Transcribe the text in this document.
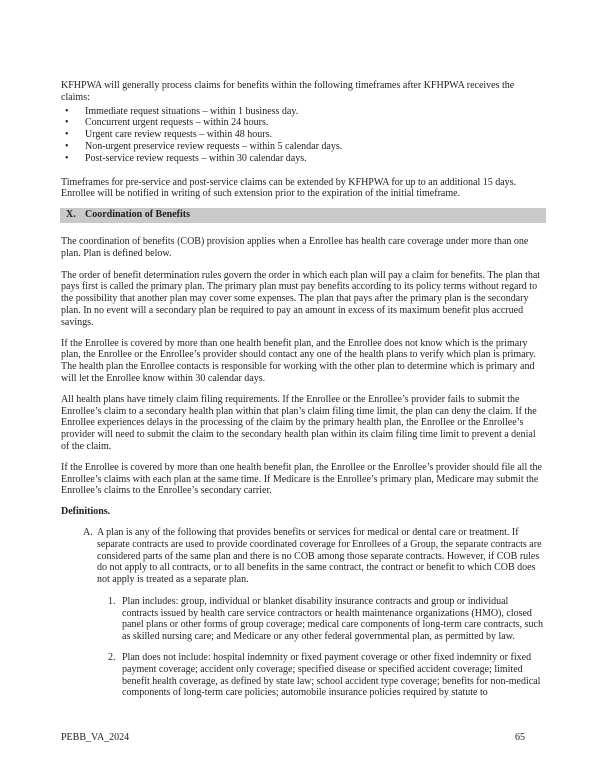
KFHPWA will generally process claims for benefits within the following timeframes after KFHPWA receives the claims:

•	Immediate request situations – within 1 business day.
•	Concurrent urgent requests – within 24 hours.
•	Urgent care review requests – within 48 hours.
•	Non-urgent preservice review requests – within 5 calendar days.
•	Post-service review requests – within 30 calendar days.

Timeframes for pre-service and post-service claims can be extended by KFHPWA for up to an additional 15 days. Enrollee will be notified in writing of such extension prior to the expiration of the initial timeframe.

X. Coordination of Benefits

The coordination of benefits (COB) provision applies when a Enrollee has health care coverage under more than one plan. Plan is defined below.

The order of benefit determination rules govern the order in which each plan will pay a claim for benefits. The plan that pays first is called the primary plan. The primary plan must pay benefits according to its policy terms without regard to the possibility that another plan may cover some expenses. The plan that pays after the primary plan is the secondary plan. In no event will a secondary plan be required to pay an amount in excess of its maximum benefit plus accrued savings.

If the Enrollee is covered by more than one health benefit plan, and the Enrollee does not know which is the primary plan, the Enrollee or the Enrollee’s provider should contact any one of the health plans to verify which plan is primary. The health plan the Enrollee contacts is responsible for working with the other plan to determine which is primary and will let the Enrollee know within 30 calendar days.

All health plans have timely claim filing requirements. If the Enrollee or the Enrollee’s provider fails to submit the Enrollee’s claim to a secondary health plan within that plan’s claim filing time limit, the plan can deny the claim. If the Enrollee experiences delays in the processing of the claim by the primary health plan, the Enrollee or the Enrollee’s provider will need to submit the claim to the secondary health plan within its claim filing time limit to prevent a denial of the claim.

If the Enrollee is covered by more than one health benefit plan, the Enrollee or the Enrollee’s provider should file all the Enrollee’s claims with each plan at the same time. If Medicare is the Enrollee’s primary plan, Medicare may submit the Enrollee’s claims to the Enrollee’s secondary carrier.

Definitions.

A. A plan is any of the following that provides benefits or services for medical or dental care or treatment. If separate contracts are used to provide coordinated coverage for Enrollees of a Group, the separate contracts are considered parts of the same plan and there is no COB among those separate contracts. However, if COB rules do not apply to all contracts, or to all benefits in the same contract, the contract or benefit to which COB does not apply is treated as a separate plan.
1. Plan includes: group, individual or blanket disability insurance contracts and group or individual contracts issued by health care service contractors or health maintenance organizations (HMO), closed panel plans or other forms of group coverage; medical care components of long-term care contracts, such as skilled nursing care; and Medicare or any other federal governmental plan, as permitted by law.
2. Plan does not include: hospital indemnity or fixed payment coverage or other fixed indemnity or fixed payment coverage; accident only coverage; specified disease or specified accident coverage; limited benefit health coverage, as defined by state law; school accident type coverage; benefits for non-medical components of long-term care policies; automobile insurance policies required by statute to
PEBB_VA_2024	65
